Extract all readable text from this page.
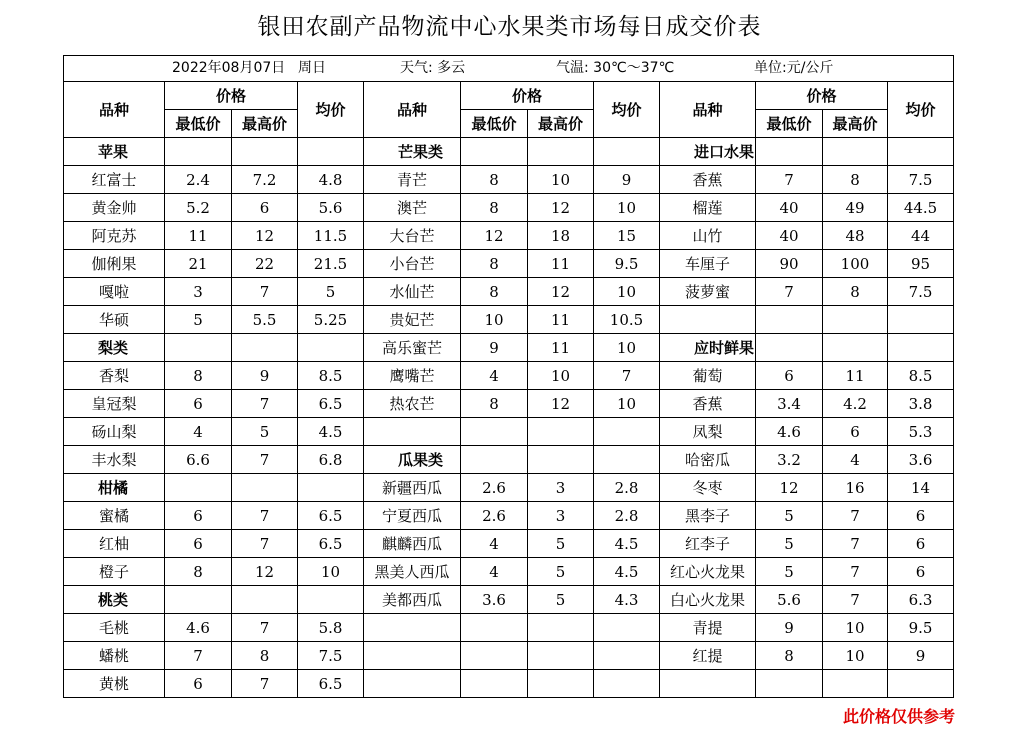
银田农副产品物流中心水果类市场每日成交价表
2022年08月07日 周日 天气: 多云 气温: 30℃～37℃ 单位:元/公斤											

品种	价格		均价	品种	价格		均价	品种	价格		均价
	最低价	最高价			最低价	最高价			最低价	最高价	
苹果				芒果类				进口水果			
红富士	2.4	7.2	4.8	青芒	8	10	9	香蕉	7	8	7.5
黄金帅	5.2	6	5.6	澳芒	8	12	10	榴莲	40	49	44.5
阿克苏	11	12	11.5	大台芒	12	18	15	山竹	40	48	44
伽俐果	21	22	21.5	小台芒	8	11	9.5	车厘子	90	100	95
嘎啦	3	7	5	水仙芒	8	12	10	菠萝蜜	7	8	7.5
华硕	5	5.5	5.25	贵妃芒	10	11	10.5				
梨类				高乐蜜芒	9	11	10	应时鲜果			
香梨	8	9	8.5	鹰嘴芒	4	10	7	葡萄	6	11	8.5
皇冠梨	6	7	6.5	热农芒	8	12	10	香蕉	3.4	4.2	3.8
砀山梨	4	5	4.5					凤梨	4.6	6	5.3
丰水梨	6.6	7	6.8	瓜果类				哈密瓜	3.2	4	3.6
柑橘				新疆西瓜	2.6	3	2.8	冬枣	12	16	14
蜜橘	6	7	6.5	宁夏西瓜	2.6	3	2.8	黑李子	5	7	6
红柚	6	7	6.5	麒麟西瓜	4	5	4.5	红李子	5	7	6
橙子	8	12	10	黑美人西瓜	4	5	4.5	红心火龙果	5	7	6
桃类				美都西瓜	3.6	5	4.3	白心火龙果	5.6	7	6.3
毛桃	4.6	7	5.8					青提	9	10	9.5
蟠桃	7	8	7.5					红提	8	10	9
黄桃	6	7	6.5								
此价格仅供参考
